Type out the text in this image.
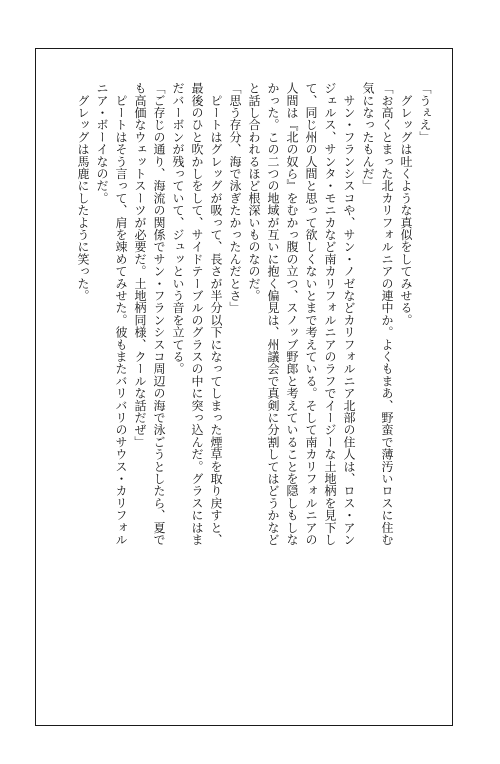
「うぇえ」

　グレッグは吐くような真似をしてみせる。

「お高くとまった北カリフォルニアの連中か。よくもまあ、野蛮で薄汚いロスに住む

気になったもんだ」

　サン・フランシスコや、サン・ノゼなどカリフォルニア北部の住人は、ロス・アン

ジェルス、サンタ・モニカなど南カリフォルニアのラフでイージーな土地柄を見下し

て、同じ州の人間と思って欲しくないとまで考えている。そして南カリフォルニアの

人間は『北の奴ら』をむかっ腹の立つ、スノッブ野郎と考えていることを隠しもしな

かった。この二つの地域が互いに抱く偏見は、州議会で真剣に分割してはどうかなど

と話し合われるほど根深いものなのだ。

「思う存分、海で泳ぎたかったんだとさ」

　ピートはグレッグが吸って、長さが半分以下になってしまった煙草を取り戻すと、

最後のひと吹かしをして、サイドテーブルのグラスの中に突っ込んだ。グラスにはま

だバーボンが残っていて、ジュッという音を立てる。

「ご存じの通り、海流の関係でサン・フランシスコ周辺の海で泳ごうとしたら、夏で

も高価なウェットスーツが必要だ。土地柄同様、クールな話だぜ」

　ピートはそう言って、肩を竦めてみせた。彼もまたバリバリのサウス・カリフォル

ニア・ボーイなのだ。

　グレッグは馬鹿にしたように笑った。
